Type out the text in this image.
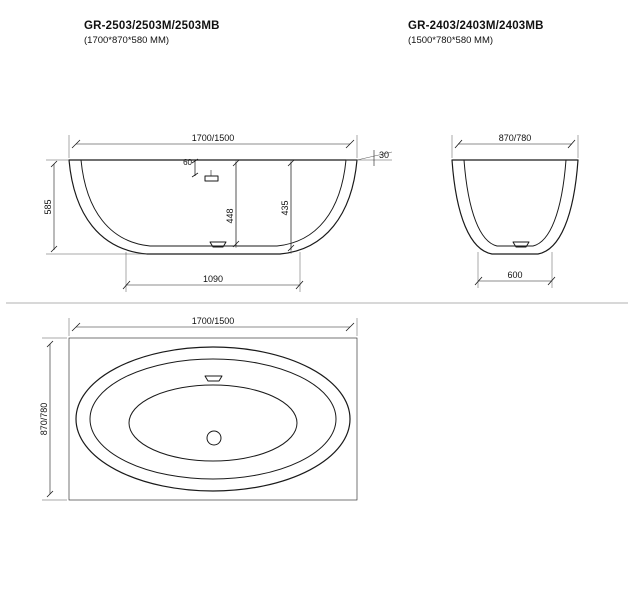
GR-2503/2503M/2503MB
(1700*870*580 MM)
GR-2403/2403M/2403MB
(1500*780*580 MM)
1700/1500
30
60
448
435
585
1090
870/780
600
1700/1500
870/780
